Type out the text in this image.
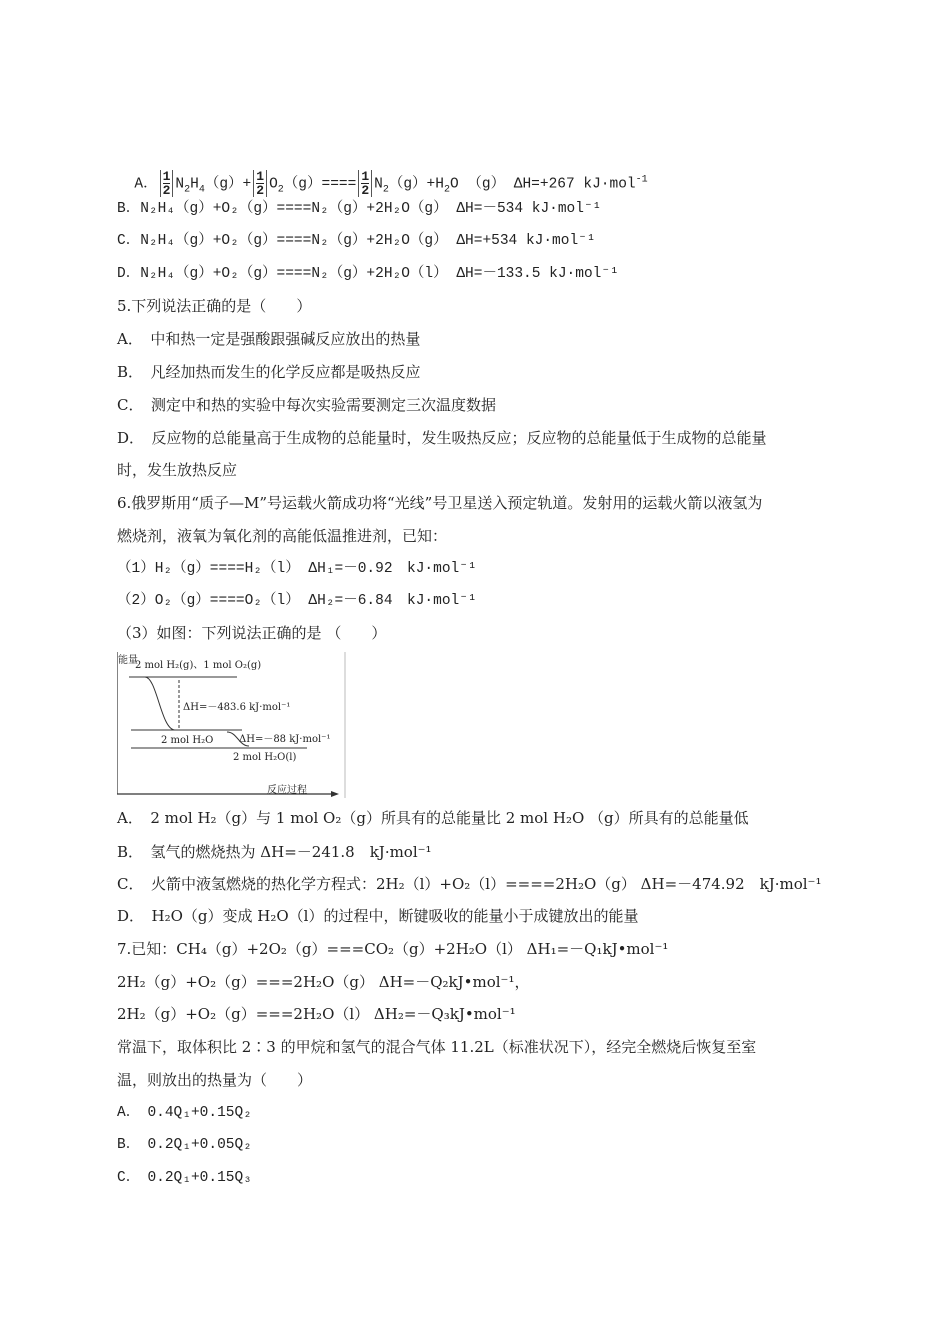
A． $\frac{1}{2} N_2H_4(g)+ \frac{1}{2} O_2(g)==== \frac{1}{2} N_2(g)+H_2O$ （g） ΔH=+267 kJ·mol$^{-1}$

B．N₂H₄（g）+O₂（g）====N₂（g）+2H₂O（g） ΔH=－534 kJ·mol⁻¹
C．N₂H₄（g）+O₂（g）====N₂（g）+2H₂O（g） ΔH=+534 kJ·mol⁻¹
D．N₂H₄（g）+O₂（g）====N₂（g）+2H₂O（l） ΔH=－133.5 kJ·mol⁻¹
5.下列说法正确的是（　　）
A．　中和热一定是强酸跟强碱反应放出的热量
B．　凡经加热而发生的化学反应都是吸热反应
C．　测定中和热的实验中每次实验需要测定三次温度数据
D．　反应物的总能量高于生成物的总能量时，发生吸热反应；反应物的总能量低于生成物的总能量
时，发生放热反应
6.俄罗斯用“质子—M”号运载火箭成功将“光线”号卫星送入预定轨道。发射用的运载火箭以液氢为
燃烧剂，液氧为氧化剂的高能低温推进剂，已知：
（1）H₂（g）====H₂（l） ΔH₁=－0.92　kJ·mol⁻¹
（2）O₂（g）====O₂（l） ΔH₂=－6.84　kJ·mol⁻¹
（3）如图：下列说法正确的是 （　　）
能量
2 mol H₂(g)、1 mol O₂(g)
2 mol H₂O
ΔH=－483.6 kJ·mol⁻¹
2 mol H₂O(l)
ΔH=－88 kJ·mol⁻¹
反应过程
A．　2 mol H₂（g）与 1 mol O₂（g）所具有的总能量比 2 mol H₂O （g）所具有的总能量低
B．　氢气的燃烧热为 ΔH=－241.8　kJ·mol⁻¹
C．　火箭中液氢燃烧的热化学方程式：2H₂（l）+O₂（l）====2H₂O（g） ΔH=－474.92　kJ·mol⁻¹
D．　H₂O（g）变成 H₂O（l）的过程中，断键吸收的能量小于成键放出的能量
7.已知：CH₄（g）+2O₂（g）===CO₂（g）+2H₂O（l） ΔH₁=－Q₁kJ•mol⁻¹
2H₂（g）+O₂（g）===2H₂O（g） ΔH=－Q₂kJ•mol⁻¹，
2H₂（g）+O₂（g）===2H₂O（l） ΔH₂=－Q₃kJ•mol⁻¹
常温下，取体积比 2∶3 的甲烷和氢气的混合气体 11.2L（标准状况下），经完全燃烧后恢复至室
温，则放出的热量为（　　）
A．　0.4Q₁+0.15Q₂
B．　0.2Q₁+0.05Q₂
C．　0.2Q₁+0.15Q₃
